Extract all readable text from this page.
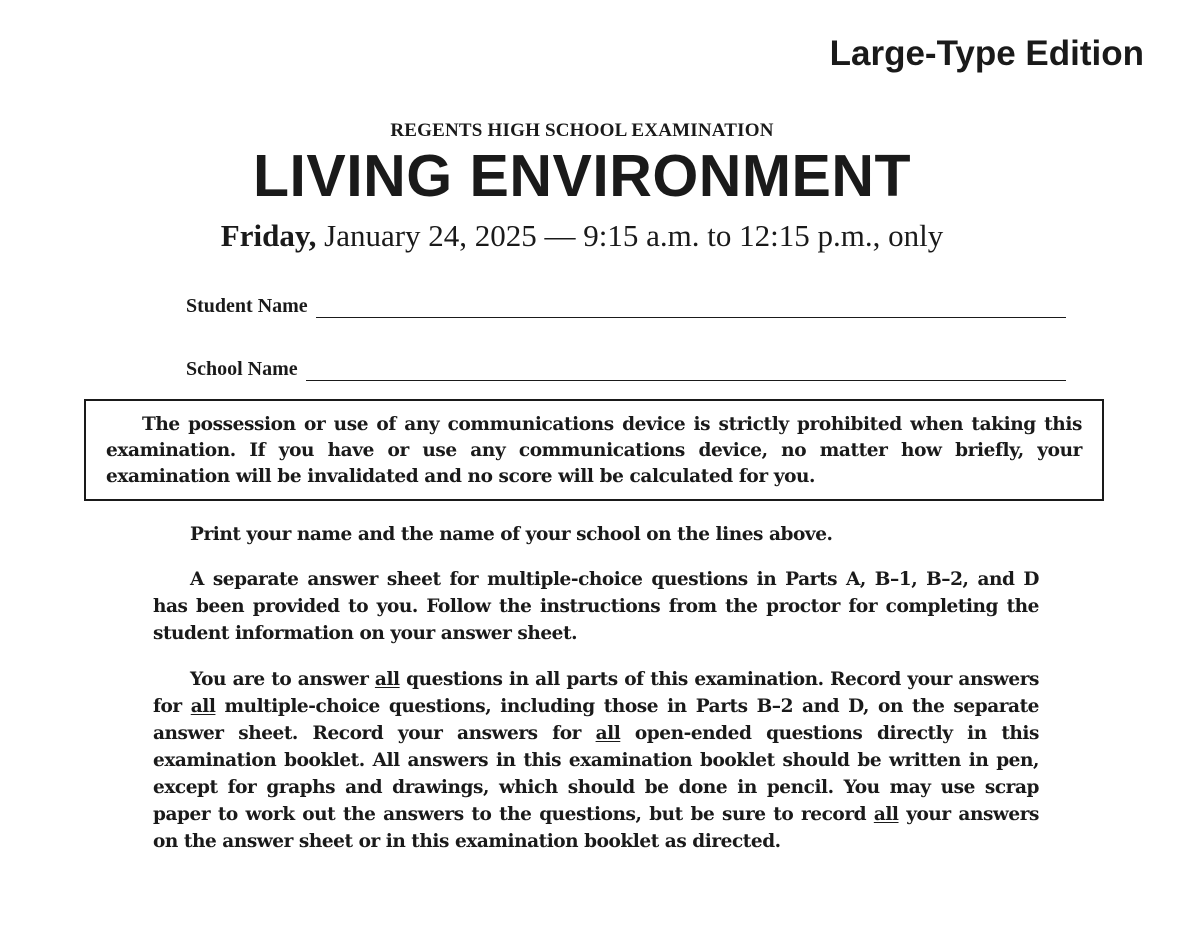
Large-Type Edition
REGENTS HIGH SCHOOL EXAMINATION
LIVING ENVIRONMENT
Friday, January 24, 2025 — 9:15 a.m. to 12:15 p.m., only
Student Name
School Name
The possession or use of any communications device is strictly prohibited when taking this examination. If you have or use any communications device, no matter how briefly, your examination will be invalidated and no score will be calculated for you.
Print your name and the name of your school on the lines above.
A separate answer sheet for multiple-choice questions in Parts A, B–1, B–2, and D has been provided to you. Follow the instructions from the proctor for completing the student information on your answer sheet.
You are to answer all questions in all parts of this examination. Record your answers for all multiple-choice questions, including those in Parts B–2 and D, on the separate answer sheet. Record your answers for all open-ended questions directly in this examination booklet. All answers in this examination booklet should be written in pen, except for graphs and drawings, which should be done in pencil. You may use scrap paper to work out the answers to the questions, but be sure to record all your answers on the answer sheet or in this examination booklet as directed.
